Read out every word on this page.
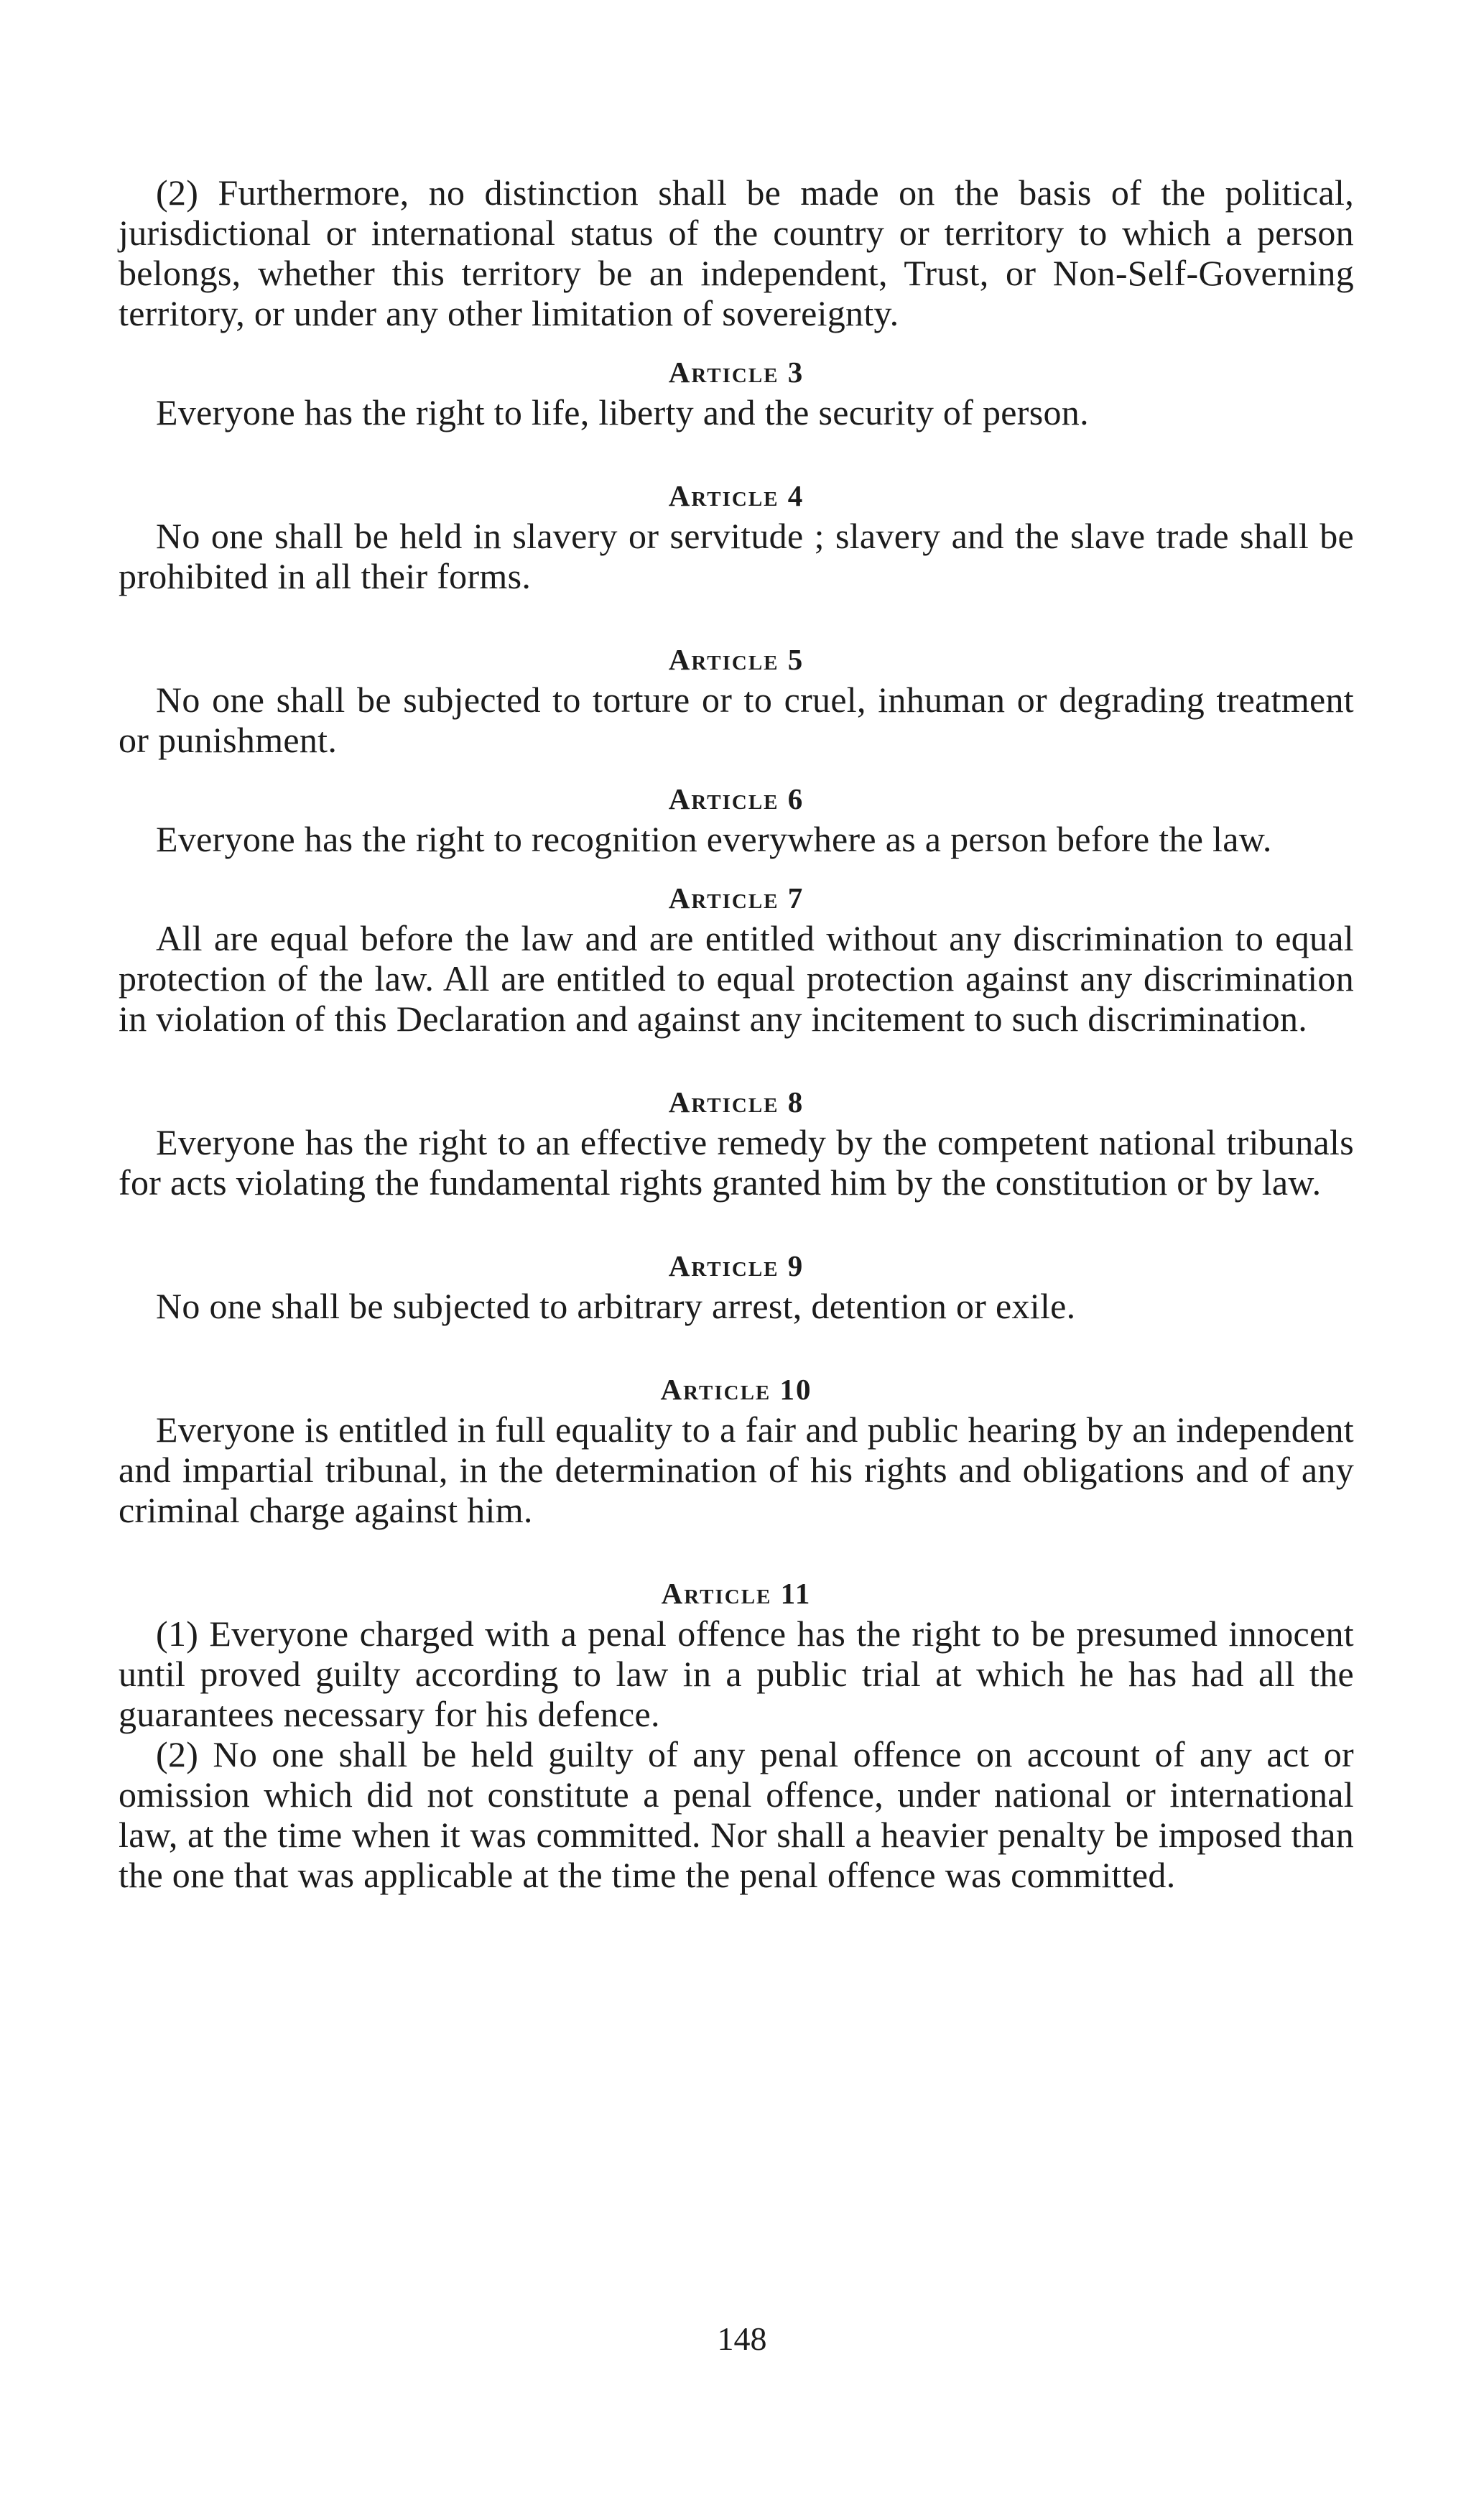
(2) Furthermore, no distinction shall be made on the basis of the political, jurisdictional or international status of the country or territory to which a person belongs, whether this territory be an independent, Trust, or Non-Self-Governing territory, or under any other limitation of sovereignty.

Article 3

Everyone has the right to life, liberty and the security of person.

Article 4

No one shall be held in slavery or servitude ; slavery and the slave trade shall be prohibited in all their forms.

Article 5

No one shall be subjected to torture or to cruel, inhuman or degrading treatment or punishment.

Article 6

Everyone has the right to recognition everywhere as a person before the law.

Article 7

All are equal before the law and are entitled without any discrimination to equal protection of the law. All are entitled to equal protection against any discrimination in violation of this Declaration and against any incitement to such discrimination.

Article 8

Everyone has the right to an effective remedy by the competent national tribunals for acts violating the fundamental rights granted him by the constitution or by law.

Article 9

No one shall be subjected to arbitrary arrest, detention or exile.

Article 10

Everyone is entitled in full equality to a fair and public hearing by an independent and impartial tribunal, in the determination of his rights and obligations and of any criminal charge against him.

Article 11

(1) Everyone charged with a penal offence has the right to be presumed innocent until proved guilty according to law in a public trial at which he has had all the guarantees necessary for his defence.

(2) No one shall be held guilty of any penal offence on account of any act or omission which did not constitute a penal offence, under national or international law, at the time when it was committed. Nor shall a heavier penalty be imposed than the one that was applicable at the time the penal offence was committed.

148
